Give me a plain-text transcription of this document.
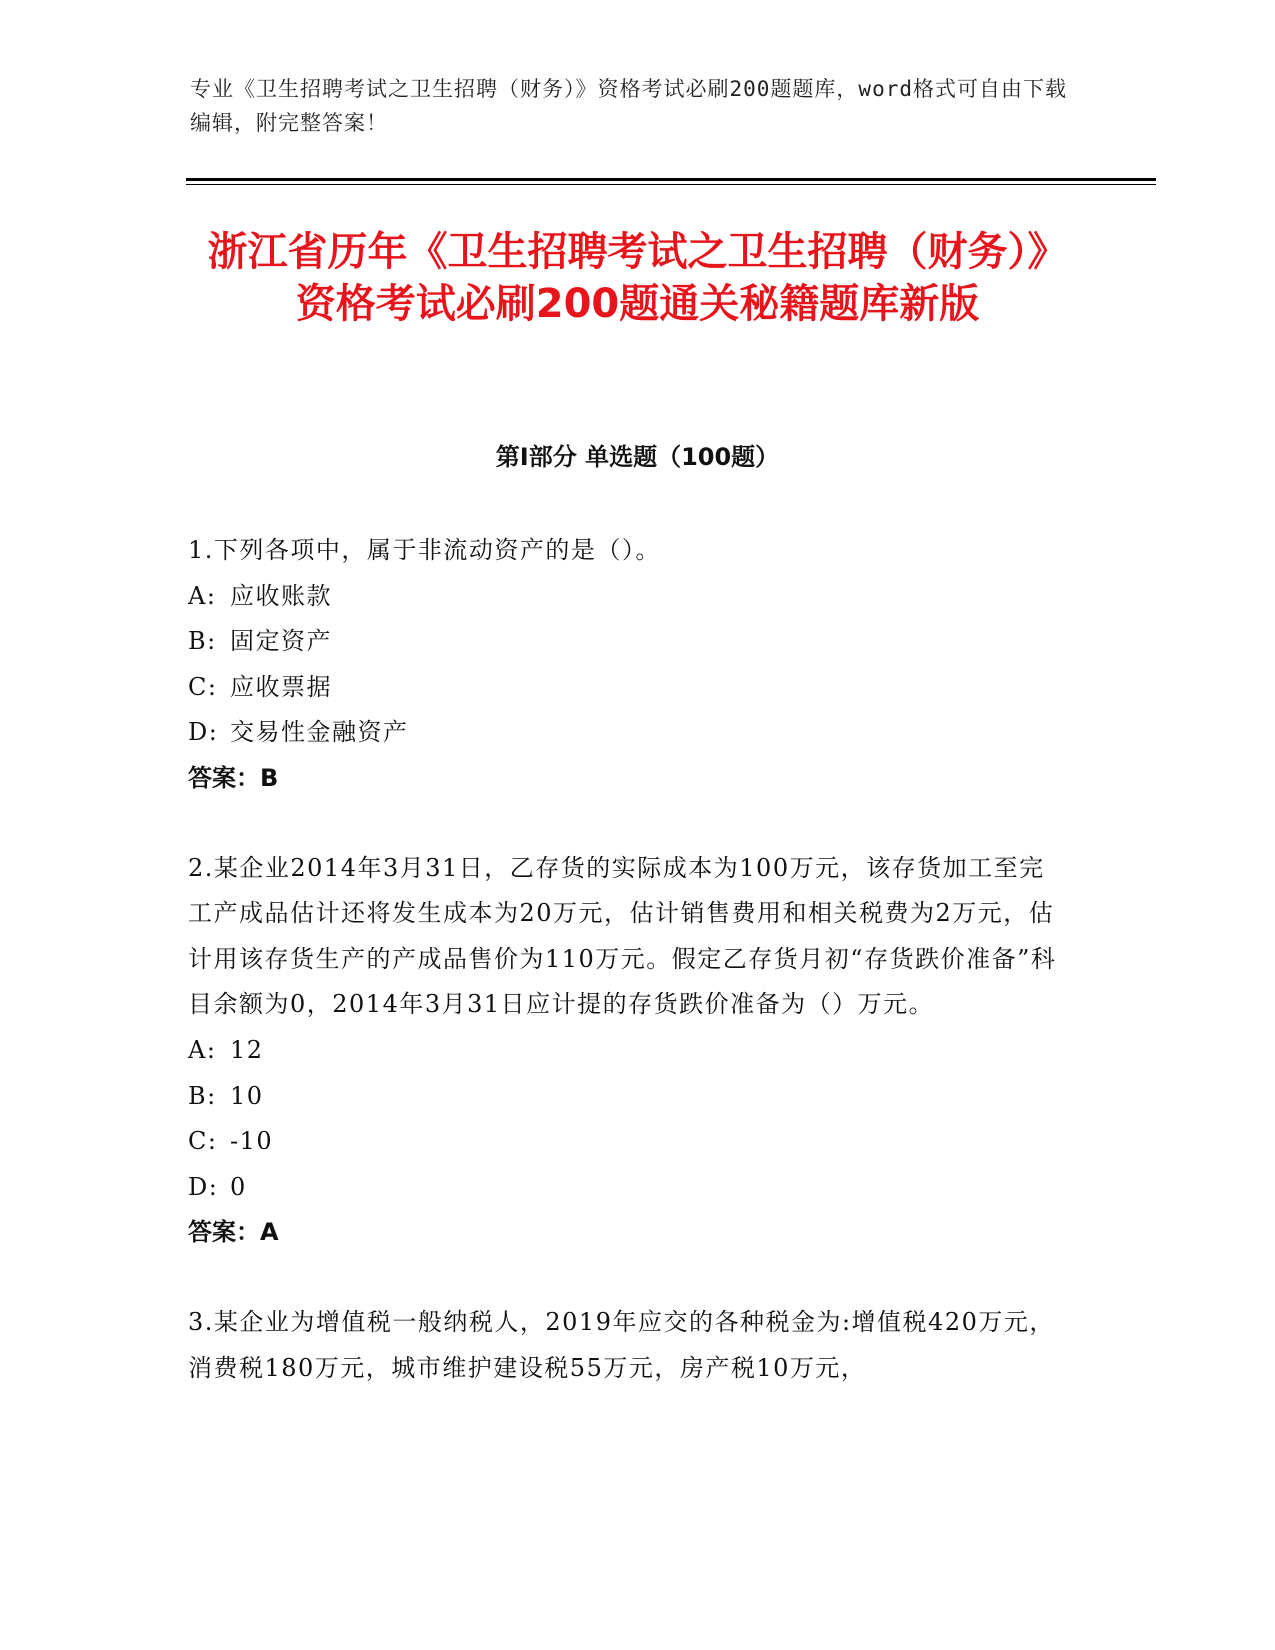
专业《卫生招聘考试之卫生招聘（财务）》资格考试必刷200题题库，word格式可自由下载编辑，附完整答案！
浙江省历年《卫生招聘考试之卫生招聘（财务）》资格考试必刷200题通关秘籍题库新版
第I部分 单选题（100题）

1.下列各项中，属于非流动资产的是（）。

A: 应收账款

B: 固定资产

C: 应收票据

D: 交易性金融资产

答案：B

2.某企业2014年3月31日，乙存货的实际成本为100万元，该存货加工至完工产成品估计还将发生成本为20万元，估计销售费用和相关税费为2万元，估计用该存货生产的产成品售价为110万元。假定乙存货月初“存货跌价准备”科目余额为0，2014年3月31日应计提的存货跌价准备为（）万元。

A: 12

B: 10

C: -10

D: 0

答案：A

3.某企业为增值税一般纳税人，2019年应交的各种税金为:增值税420万元，消费税180万元，城市维护建设税55万元，房产税10万元，
